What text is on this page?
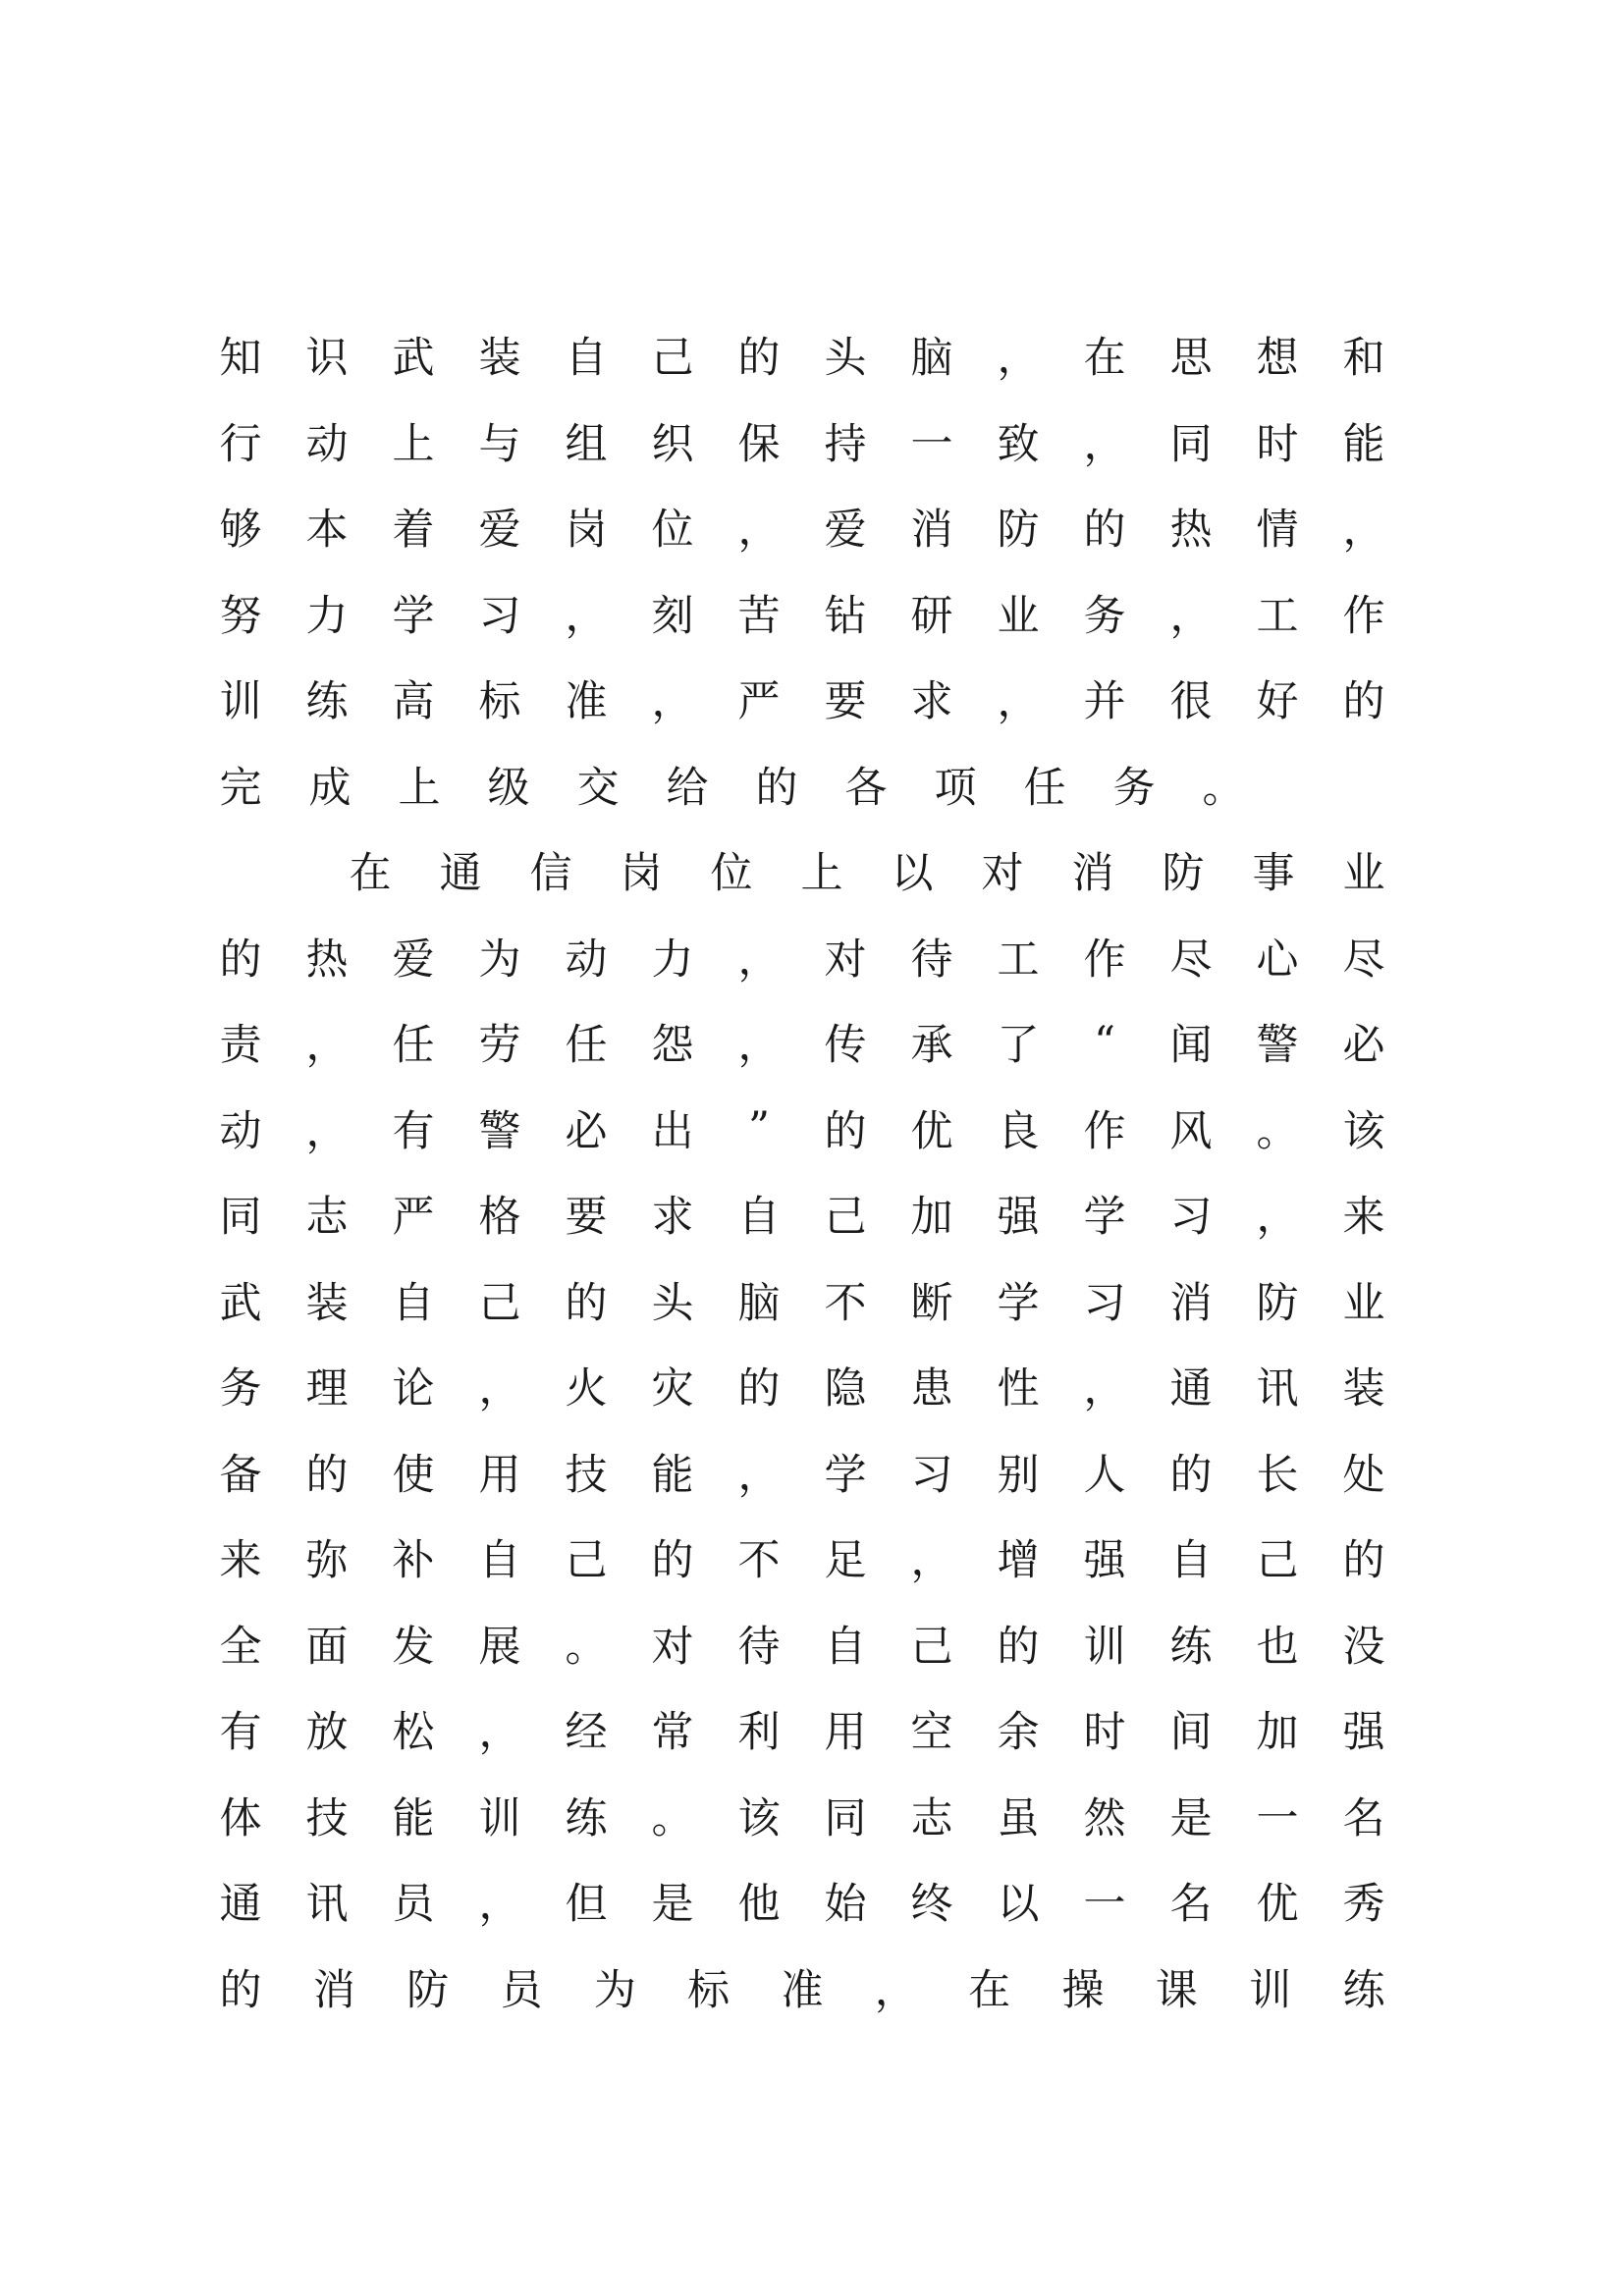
知 识 武 装 自 己 的 头 脑 ， 在 思 想 和
行 动 上 与 组 织 保 持 一 致 ， 同 时 能
够 本 着 爱 岗 位 ， 爱 消 防 的 热 情 ，
努 力 学 习 ， 刻 苦 钻 研 业 务 ， 工 作
训 练 高 标 准 ， 严 要 求 ， 并 很 好 的
完 成 上 级 交 给 的 各 项 任 务 。
在 通 信 岗 位 上 以 对 消 防 事 业
的 热 爱 为 动 力 ， 对 待 工 作 尽 心 尽
责 ， 任 劳 任 怨 ， 传 承 了 “ 闻 警 必
动 ， 有 警 必 出 ” 的 优 良 作 风 。 该
同 志 严 格 要 求 自 己 加 强 学 习 ， 来
武 装 自 己 的 头 脑 不 断 学 习 消 防 业
务 理 论 ， 火 灾 的 隐 患 性 ， 通 讯 装
备 的 使 用 技 能 ， 学 习 别 人 的 长 处
来 弥 补 自 己 的 不 足 ， 增 强 自 己 的
全 面 发 展 。 对 待 自 己 的 训 练 也 没
有 放 松 ， 经 常 利 用 空 余 时 间 加 强
体 技 能 训 练 。 该 同 志 虽 然 是 一 名
通 讯 员 ， 但 是 他 始 终 以 一 名 优 秀
的 消 防 员 为 标 准 ， 在 操 课 训 练
